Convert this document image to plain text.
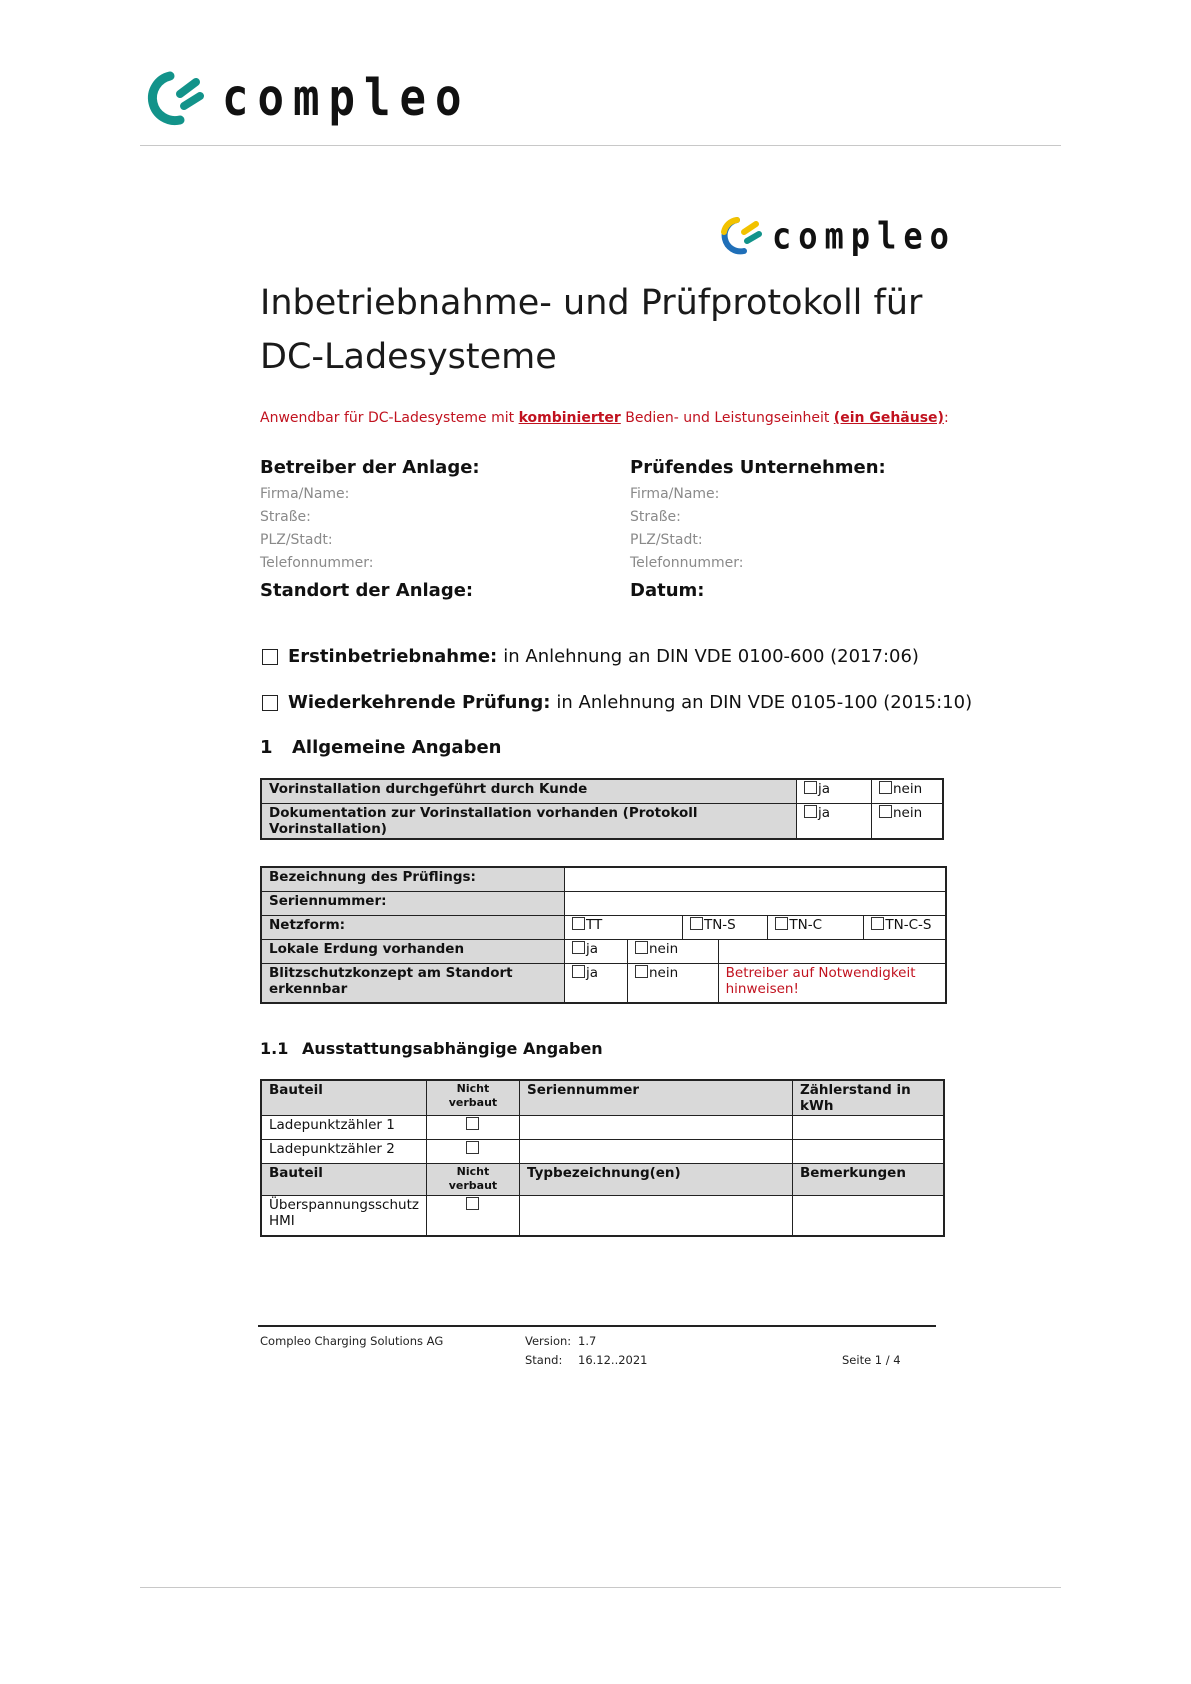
compleo
compleo
Inbetriebnahme- und Prüfprotokoll für
DC-Ladesysteme
Anwendbar für DC-Ladesysteme mit kombinierter Bedien- und Leistungseinheit (ein Gehäuse):
Betreiber der Anlage:
Firma/Name:
Straße:
PLZ/Stadt:
Telefonnummer:
Standort der Anlage:
Prüfendes Unternehmen:
Firma/Name:
Straße:
PLZ/Stadt:
Telefonnummer:
Datum:
Erstinbetriebnahme: in Anlehnung an DIN VDE 0100-600 (2017:06)
Wiederkehrende Prüfung: in Anlehnung an DIN VDE 0105-100 (2015:10)
1 Allgemeine Angaben
Vorinstallation durchgeführt durch Kunde	ja	nein
Dokumentation zur Vorinstallation vorhanden (Protokoll Vorinstallation)	ja	nein
Bezeichnung des Prüflings:						
Seriennummer:						
Netzform:	TT		TN-S		TN-C	TN-C-S
Lokale Erdung vorhanden	ja	nein				
Blitzschutzkonzept am Standort erkennbar	ja	nein		Betreiber auf Notwendigkeit hinweisen!		
1.1 Ausstattungsabhängige Angaben
Bauteil	Nicht verbaut	Seriennummer	Zählerstand in kWh
Ladepunktzähler 1			
Ladepunktzähler 2			
Bauteil	Nicht verbaut	Typbezeichnung(en)	Bemerkungen
Überspannungsschutz HMI			
Compleo Charging Solutions AG	Version: 1.7
Stand: 16.12..2021	Seite 1 / 4
